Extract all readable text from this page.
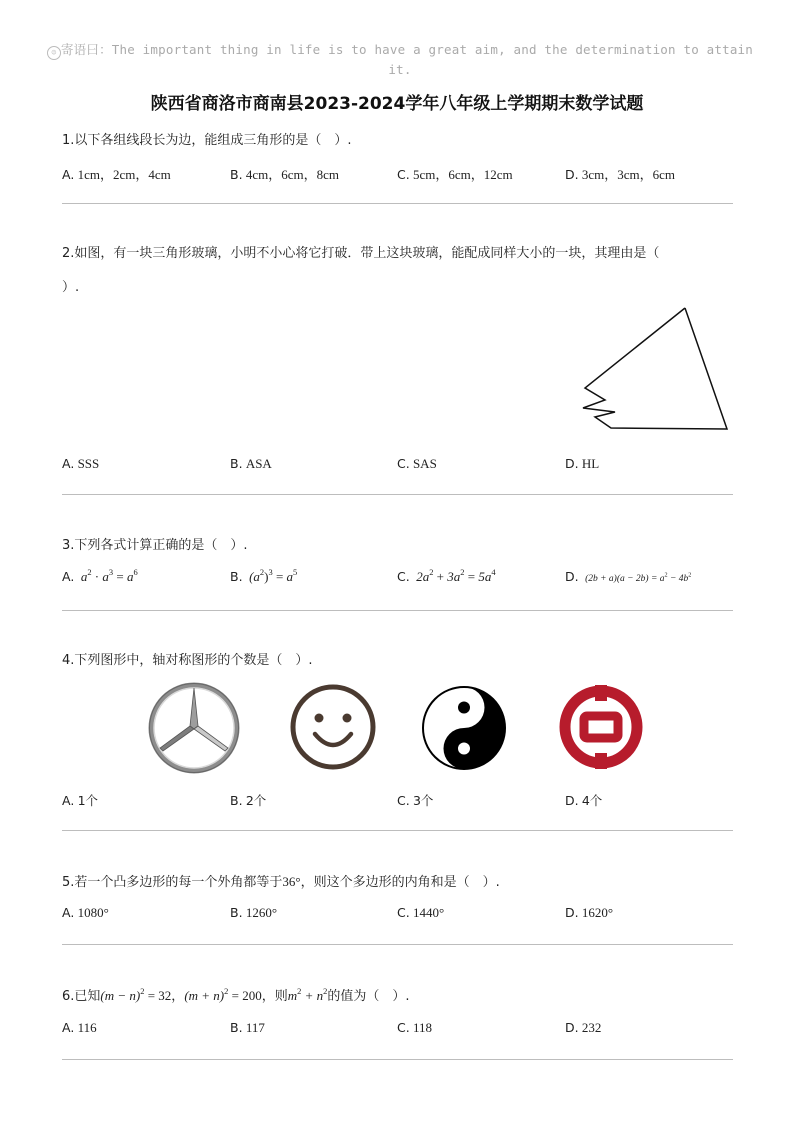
☺ 寄语曰：The important thing in life is to have a great aim, and the determination to attain it.
陕西省商洛市商南县2023-2024学年八年级上学期期末数学试题
1.以下各组线段长为边，能组成三角形的是（　）.
A. 1cm，2cm，4cm	B. 4cm，6cm，8cm	C. 5cm，6cm，12cm	D. 3cm，3cm，6cm
2.如图，有一块三角形玻璃，小明不小心将它打破．带上这块玻璃，能配成同样大小的一块，其理由是（
）.
A. SSS	B. ASA	C. SAS	D. HL
3.下列各式计算正确的是（　）.
A. $a^2 \cdot a^3 = a^6$	B. $(a^2)^3 = a^5$	C. $2a^2 + 3a^2 = 5a^4$	D. $(2b + a)(a - 2b) = a^2 - 4b^2$
4.下列图形中，轴对称图形的个数是（　）.
A. 1个	B. 2个	C. 3个	D. 4个
5.若一个凸多边形的每一个外角都等于36°，则这个多边形的内角和是（　）.
A. 1080°	B. 1260°	C. 1440°	D. 1620°
6.已知$(m - n)^2 = 32$，$(m + n)^2 = 200$，则$m^2 + n^2$的值为（　）.
A. 116	B. 117	C. 118	D. 232
